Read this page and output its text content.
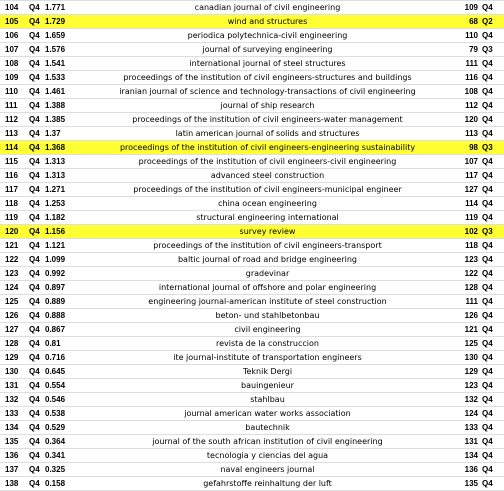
104	Q4	1.771	canadian journal of civil engineering	109	Q4
105	Q4	1.729	wind and structures	68	Q2
106	Q4	1.659	periodica polytechnica-civil engineering	110	Q4
107	Q4	1.576	journal of surveying engineering	79	Q3
108	Q4	1.541	international journal of steel structures	111	Q4
109	Q4	1.533	proceedings of the institution of civil engineers-structures and buildings	116	Q4
110	Q4	1.461	iranian journal of science and technology-transactions of civil engineering	108	Q4
111	Q4	1.388	journal of ship research	112	Q4
112	Q4	1.385	proceedings of the institution of civil engineers-water management	120	Q4
113	Q4	1.37	latin american journal of solids and structures	113	Q4
114	Q4	1.368	proceedings of the institution of civil engineers-engineering sustainability	98	Q3
115	Q4	1.313	proceedings of the institution of civil engineers-civil engineering	107	Q4
116	Q4	1.313	advanced steel construction	117	Q4
117	Q4	1.271	proceedings of the institution of civil engineers-municipal engineer	127	Q4
118	Q4	1.253	china ocean engineering	114	Q4
119	Q4	1.182	structural engineering international	119	Q4
120	Q4	1.156	survey review	102	Q3
121	Q4	1.121	proceedings of the institution of civil engineers-transport	118	Q4
122	Q4	1.099	baltic journal of road and bridge engineering	123	Q4
123	Q4	0.992	gradevinar	122	Q4
124	Q4	0.897	international journal of offshore and polar engineering	128	Q4
125	Q4	0.889	engineering journal-american institute of steel construction	111	Q4
126	Q4	0.888	beton- und stahlbetonbau	126	Q4
127	Q4	0.867	civil engineering	121	Q4
128	Q4	0.81	revista de la construccion	125	Q4
129	Q4	0.716	ite journal-institute of transportation engineers	130	Q4
130	Q4	0.645	Teknik Dergi	129	Q4
131	Q4	0.554	bauingenieur	123	Q4
132	Q4	0.546	stahlbau	132	Q4
133	Q4	0.538	journal american water works association	124	Q4
134	Q4	0.529	bautechnik	133	Q4
135	Q4	0.364	journal of the south african institution of civil engineering	131	Q4
136	Q4	0.341	tecnologia y ciencias del agua	134	Q4
137	Q4	0.325	naval engineers journal	136	Q4
138	Q4	0.158	gefahrstoffe reinhaltung der luft	135	Q4
